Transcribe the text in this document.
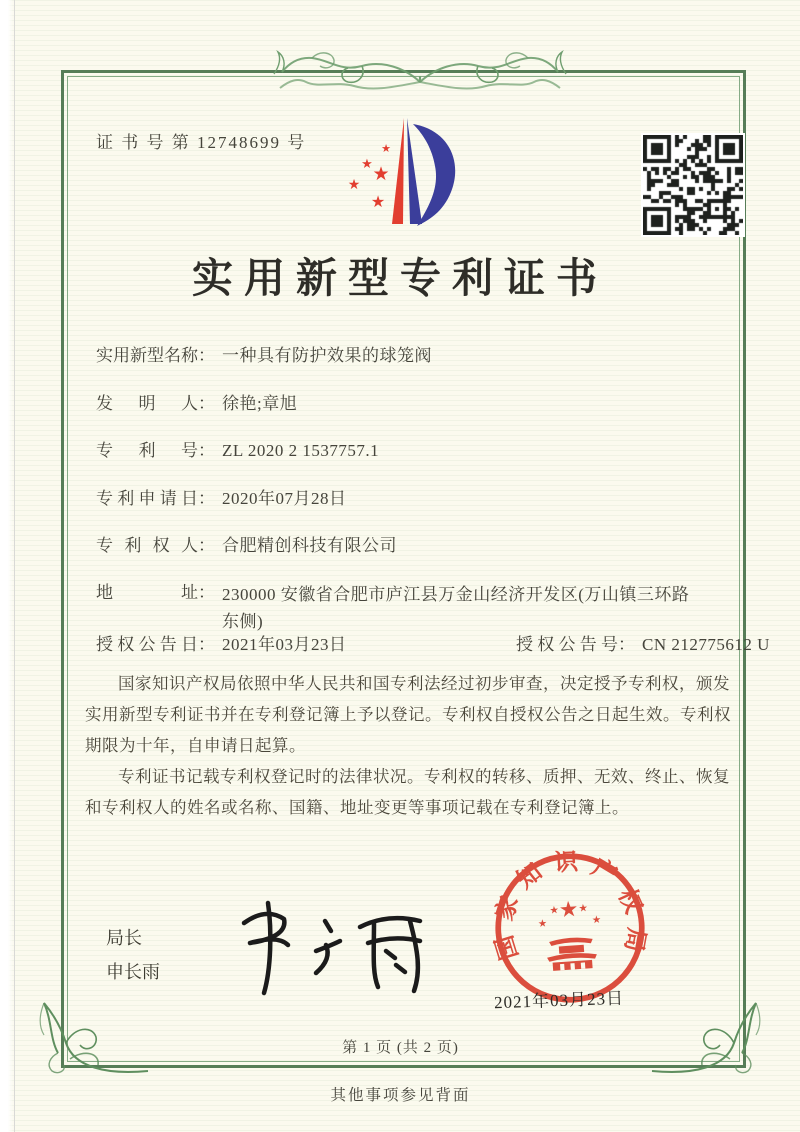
证 书 号 第 12748699 号	★
★ ★
★
★
实用新型专利证书
实用新型名称： 一种具有防护效果的球笼阀
发明人： 徐艳;章旭
专利号： ZL 2020 2 1537757.1
专利申请日： 2020年07月28日
专利权人： 合肥精创科技有限公司
地址： 230000 安徽省合肥市庐江县万金山经济开发区(万山镇三环路东侧)
授权公告日： 2021年03月23日	授权公告号： CN 212775612 U

国家知识产权局依照中华人民共和国专利法经过初步审查，决定授予专利权，颁发实用新型专利证书并在专利登记簿上予以登记。专利权自授权公告之日起生效。专利权期限为十年，自申请日起算。

专利证书记载专利权登记时的法律状况。专利权的转移、质押、无效、终止、恢复和专利权人的姓名或名称、国籍、地址变更等事项记载在专利登记簿上。

局长
申长雨
国家知识产权局
★
★
★ ★
★
2021年03月23日
第 1 页 (共 2 页)
其他事项参见背面
